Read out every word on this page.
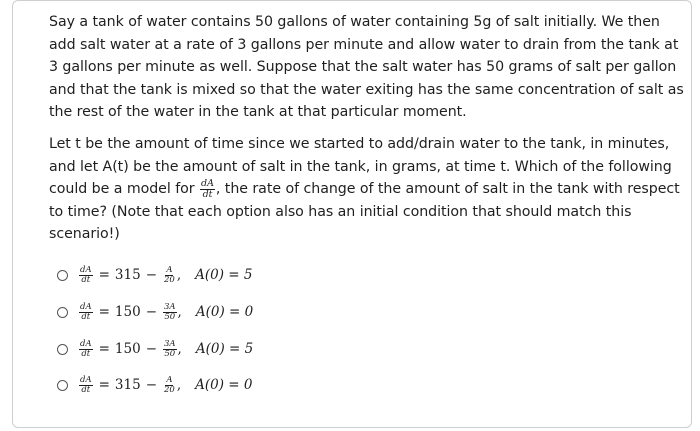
Say a tank of water contains 50 gallons of water containing 5g of salt initially. We then add salt water at a rate of 3 gallons per minute and allow water to drain from the tank at 3 gallons per minute as well. Suppose that the salt water has 50 grams of salt per gallon and that the tank is mixed so that the water exiting has the same concentration of salt as the rest of the water in the tank at that particular moment.

Let t be the amount of time since we started to add/drain water to the tank, in minutes, and let A(t) be the amount of salt in the tank, in grams, at time t. Which of the following could be a model for $\frac{dA}{dt}$ , the rate of change of the amount of salt in the tank with respect to time? (Note that each option also has an initial condition that should match this scenario!)

$\frac{dA}{dt} = 315 - \frac{A}{20}$ , A(0) = 5
$\frac{dA}{dt} = 150 - \frac{3A}{50}$ , A(0) = 0
$\frac{dA}{dt} = 150 - \frac{3A}{50}$ , A(0) = 5
$\frac{dA}{dt} = 315 - \frac{A}{20}$ , A(0) = 0
